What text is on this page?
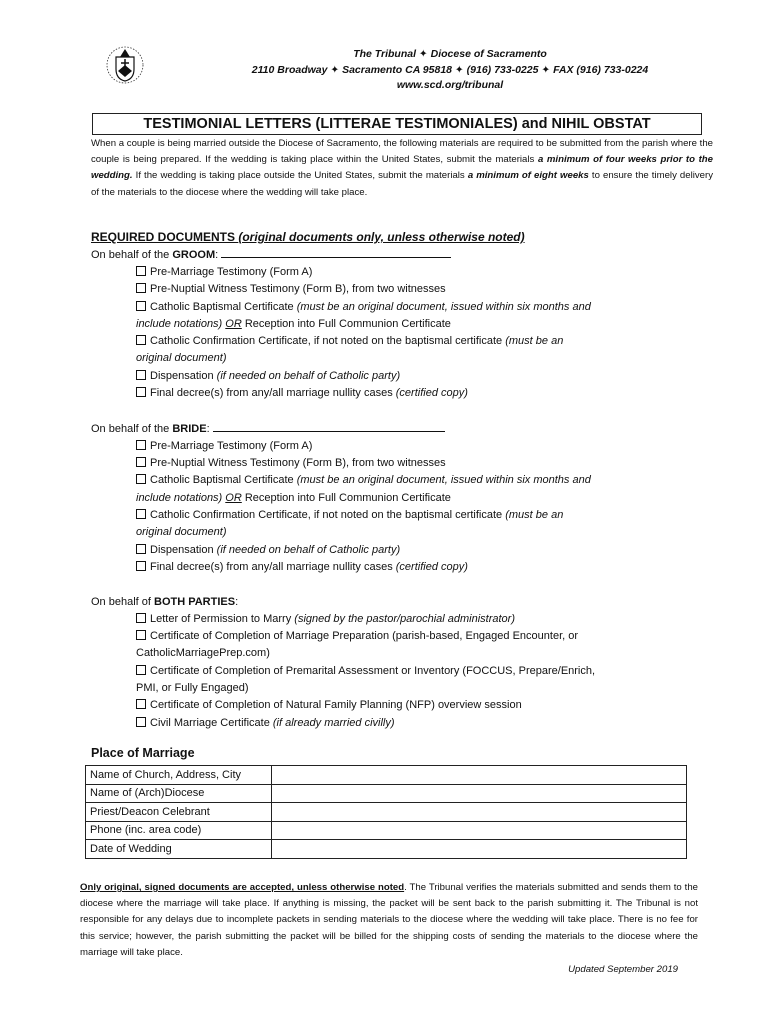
The Tribunal ✦ Diocese of Sacramento
2110 Broadway ✦ Sacramento CA 95818 ✦ (916) 733-0225 ✦ FAX (916) 733-0224
www.scd.org/tribunal
TESTIMONIAL LETTERS (LITTERAE TESTIMONIALES) and NIHIL OBSTAT
When a couple is being married outside the Diocese of Sacramento, the following materials are required to be submitted from the parish where the couple is being prepared. If the wedding is taking place within the United States, submit the materials a minimum of four weeks prior to the wedding. If the wedding is taking place outside the United States, submit the materials a minimum of eight weeks to ensure the timely delivery of the materials to the diocese where the wedding will take place.
REQUIRED DOCUMENTS (original documents only, unless otherwise noted)
On behalf of the GROOM:
Pre-Marriage Testimony (Form A)
Pre-Nuptial Witness Testimony (Form B), from two witnesses
Catholic Baptismal Certificate (must be an original document, issued within six months and
include notations) OR Reception into Full Communion Certificate
Catholic Confirmation Certificate, if not noted on the baptismal certificate (must be an
original document)
Dispensation (if needed on behalf of Catholic party)
Final decree(s) from any/all marriage nullity cases (certified copy)
On behalf of the BRIDE:
Pre-Marriage Testimony (Form A)
Pre-Nuptial Witness Testimony (Form B), from two witnesses
Catholic Baptismal Certificate (must be an original document, issued within six months and
include notations) OR Reception into Full Communion Certificate
Catholic Confirmation Certificate, if not noted on the baptismal certificate (must be an
original document)
Dispensation (if needed on behalf of Catholic party)
Final decree(s) from any/all marriage nullity cases (certified copy)
On behalf of BOTH PARTIES:
Letter of Permission to Marry (signed by the pastor/parochial administrator)
Certificate of Completion of Marriage Preparation (parish-based, Engaged Encounter, or
CatholicMarriagePrep.com)
Certificate of Completion of Premarital Assessment or Inventory (FOCCUS, Prepare/Enrich,
PMI, or Fully Engaged)
Certificate of Completion of Natural Family Planning (NFP) overview session
Civil Marriage Certificate (if already married civilly)
Place of Marriage
Name of Church, Address, City	
Name of (Arch)Diocese	
Priest/Deacon Celebrant	
Phone (inc. area code)	
Date of Wedding	
Only original, signed documents are accepted, unless otherwise noted. The Tribunal verifies the materials submitted and sends them to the diocese where the marriage will take place. If anything is missing, the packet will be sent back to the parish submitting it. The Tribunal is not responsible for any delays due to incomplete packets in sending materials to the diocese where the wedding will take place. There is no fee for this service; however, the parish submitting the packet will be billed for the shipping costs of sending the materials to the diocese where the marriage will take place.
Updated September 2019
